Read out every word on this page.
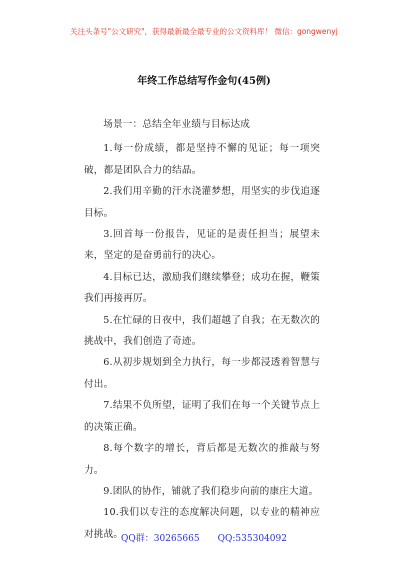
关注头条号"公文研究"，获得最新最全最专业的公文资料库！ 微信：gongwenyj
年终工作总结写作金句(45例)

场景一：总结全年业绩与目标达成

1.每一份成绩，都是坚持不懈的见证；每一项突破，都是团队合力的结晶。

2.我们用辛勤的汗水浇灌梦想，用坚实的步伐追逐目标。

3.回首每一份报告，见证的是责任担当；展望未来，坚定的是奋勇前行的决心。

4.目标已达，激励我们继续攀登；成功在握，鞭策我们再接再厉。

5.在忙碌的日夜中，我们超越了自我；在无数次的挑战中，我们创造了奇迹。

6.从初步规划到全力执行，每一步都浸透着智慧与付出。

7.结果不负所望，证明了我们在每一个关键节点上的决策正确。

8.每个数字的增长，背后都是无数次的推敲与努力。

9.团队的协作，铺就了我们稳步向前的康庄大道。

10.我们以专注的态度解决问题，以专业的精神应对挑战。

QQ群：30265665 QQ:535304092
